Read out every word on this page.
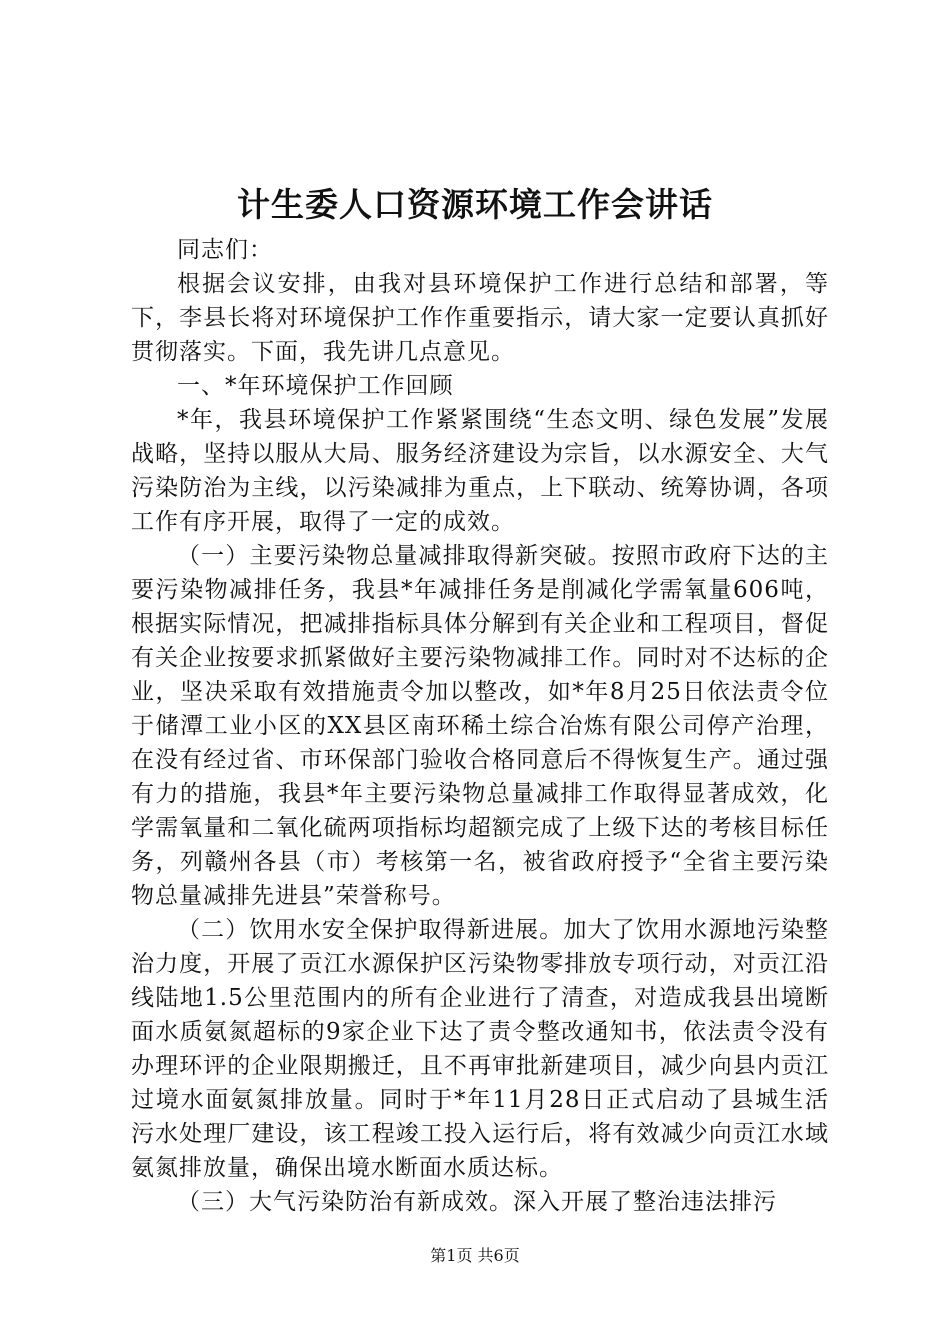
计生委人口资源环境工作会讲话

同志们：

根据会议安排，由我对县环境保护工作进行总结和部署，等下，李县长将对环境保护工作作重要指示，请大家一定要认真抓好贯彻落实。下面，我先讲几点意见。

一、*年环境保护工作回顾

*年，我县环境保护工作紧紧围绕“生态文明、绿色发展”发展战略，坚持以服从大局、服务经济建设为宗旨，以水源安全、大气污染防治为主线，以污染减排为重点，上下联动、统筹协调，各项工作有序开展，取得了一定的成效。

（一）主要污染物总量减排取得新突破。按照市政府下达的主要污染物减排任务，我县*年减排任务是削减化学需氧量606吨，根据实际情况，把减排指标具体分解到有关企业和工程项目，督促有关企业按要求抓紧做好主要污染物减排工作。同时对不达标的企业，坚决采取有效措施责令加以整改，如*年8月25日依法责令位于储潭工业小区的XX县区南环稀土综合冶炼有限公司停产治理，在没有经过省、市环保部门验收合格同意后不得恢复生产。通过强有力的措施，我县*年主要污染物总量减排工作取得显著成效，化学需氧量和二氧化硫两项指标均超额完成了上级下达的考核目标任务，列赣州各县（市）考核第一名，被省政府授予“全省主要污染物总量减排先进县”荣誉称号。

（二）饮用水安全保护取得新进展。加大了饮用水源地污染整治力度，开展了贡江水源保护区污染物零排放专项行动，对贡江沿线陆地1.5公里范围内的所有企业进行了清查，对造成我县出境断面水质氨氮超标的9家企业下达了责令整改通知书，依法责令没有办理环评的企业限期搬迁，且不再审批新建项目，减少向县内贡江过境水面氨氮排放量。同时于*年11月28日正式启动了县城生活污水处理厂建设，该工程竣工投入运行后，将有效减少向贡江水域氨氮排放量，确保出境水断面水质达标。

（三）大气污染防治有新成效。深入开展了整治违法排污

第1页 共6页
